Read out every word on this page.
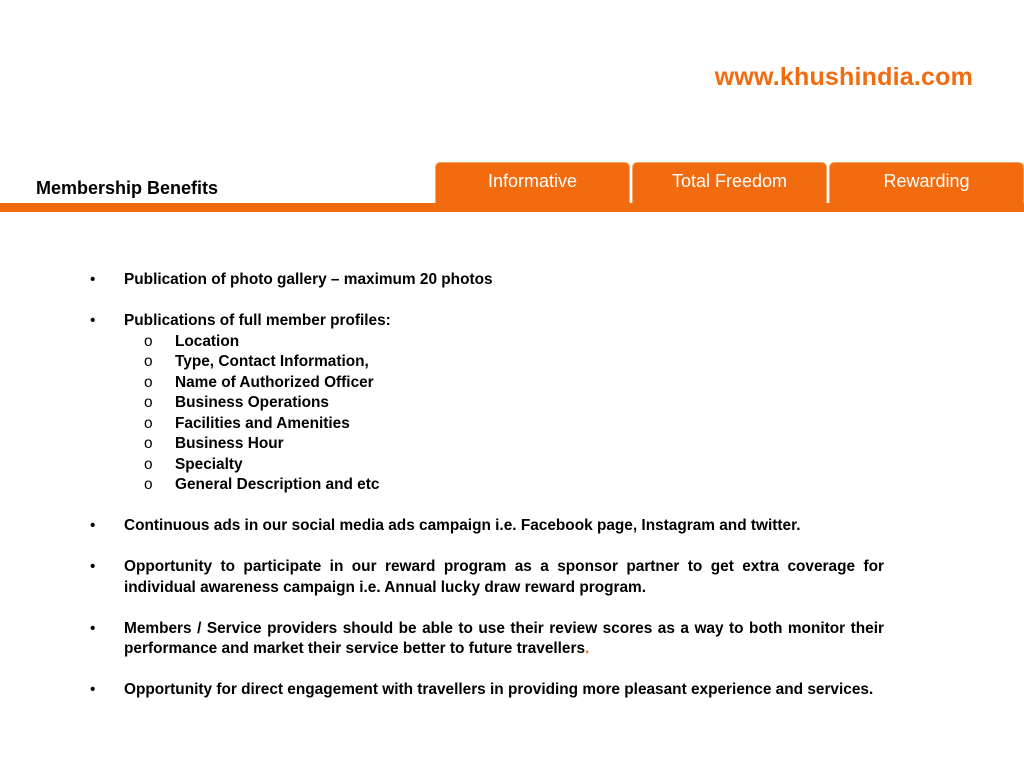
www.khushindia.com
Informative	Total Freedom	Rewarding
Membership Benefits
•	Publication of photo gallery – maximum 20 photos
•	Publications of full member profiles:
o	Location
o	Type, Contact Information,
o	Name of Authorized Officer
o	Business Operations
o	Facilities and Amenities
o	Business Hour
o	Specialty
o	General Description and etc
•	Continuous ads in our social media ads campaign i.e. Facebook page, Instagram and twitter.
•	Opportunity to participate in our reward program as a sponsor partner to get extra coverage for individual awareness campaign i.e. Annual lucky draw reward program.
•	Members / Service providers should be able to use their review scores as a way to both monitor their performance and market their service better to future travellers.
•	Opportunity for direct engagement with travellers in providing more pleasant experience and services.
